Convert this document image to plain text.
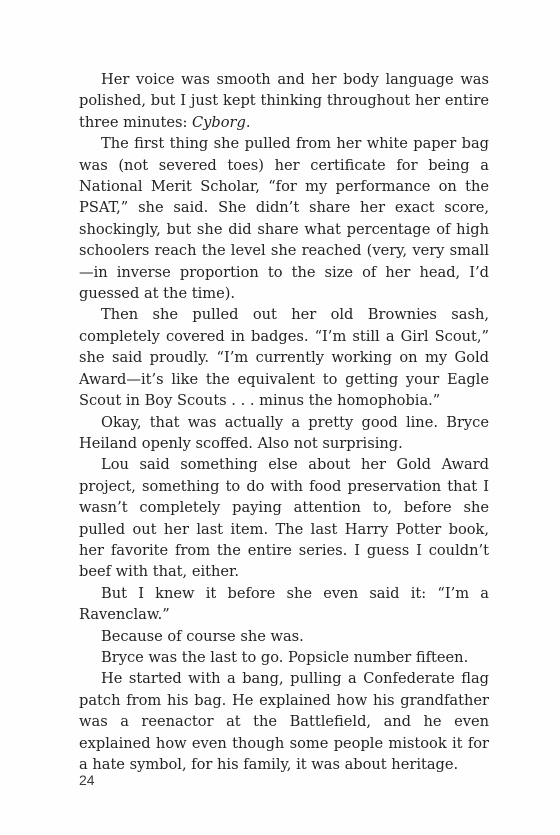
Her voice was smooth and her body language was polished, but I just kept thinking throughout her entire three minutes: Cyborg.

The first thing she pulled from her white paper bag was (not severed toes) her certificate for being a National Merit Scholar, “for my performance on the PSAT,” she said. She didn’t share her exact score, shockingly, but she did share what percentage of high schoolers reach the level she reached (very, very small—in inverse proportion to the size of her head, I’d guessed at the time).

Then she pulled out her old Brownies sash, completely covered in badges. “I’m still a Girl Scout,” she said proudly. “I’m currently working on my Gold Award—it’s like the equivalent to getting your Eagle Scout in Boy Scouts . . . minus the homophobia.”

Okay, that was actually a pretty good line. Bryce Heiland openly scoffed. Also not surprising.

Lou said something else about her Gold Award project, something to do with food preservation that I wasn’t completely paying attention to, before she pulled out her last item. The last Harry Potter book, her favorite from the entire series. I guess I couldn’t beef with that, either.

But I knew it before she even said it: “I’m a Ravenclaw.”

Because of course she was.

Bryce was the last to go. Popsicle number fifteen.

He started with a bang, pulling a Confederate flag patch from his bag. He explained how his grandfather was a reenactor at the Battlefield, and he even explained how even though some people mistook it for a hate symbol, for his family, it was about heritage.

24
